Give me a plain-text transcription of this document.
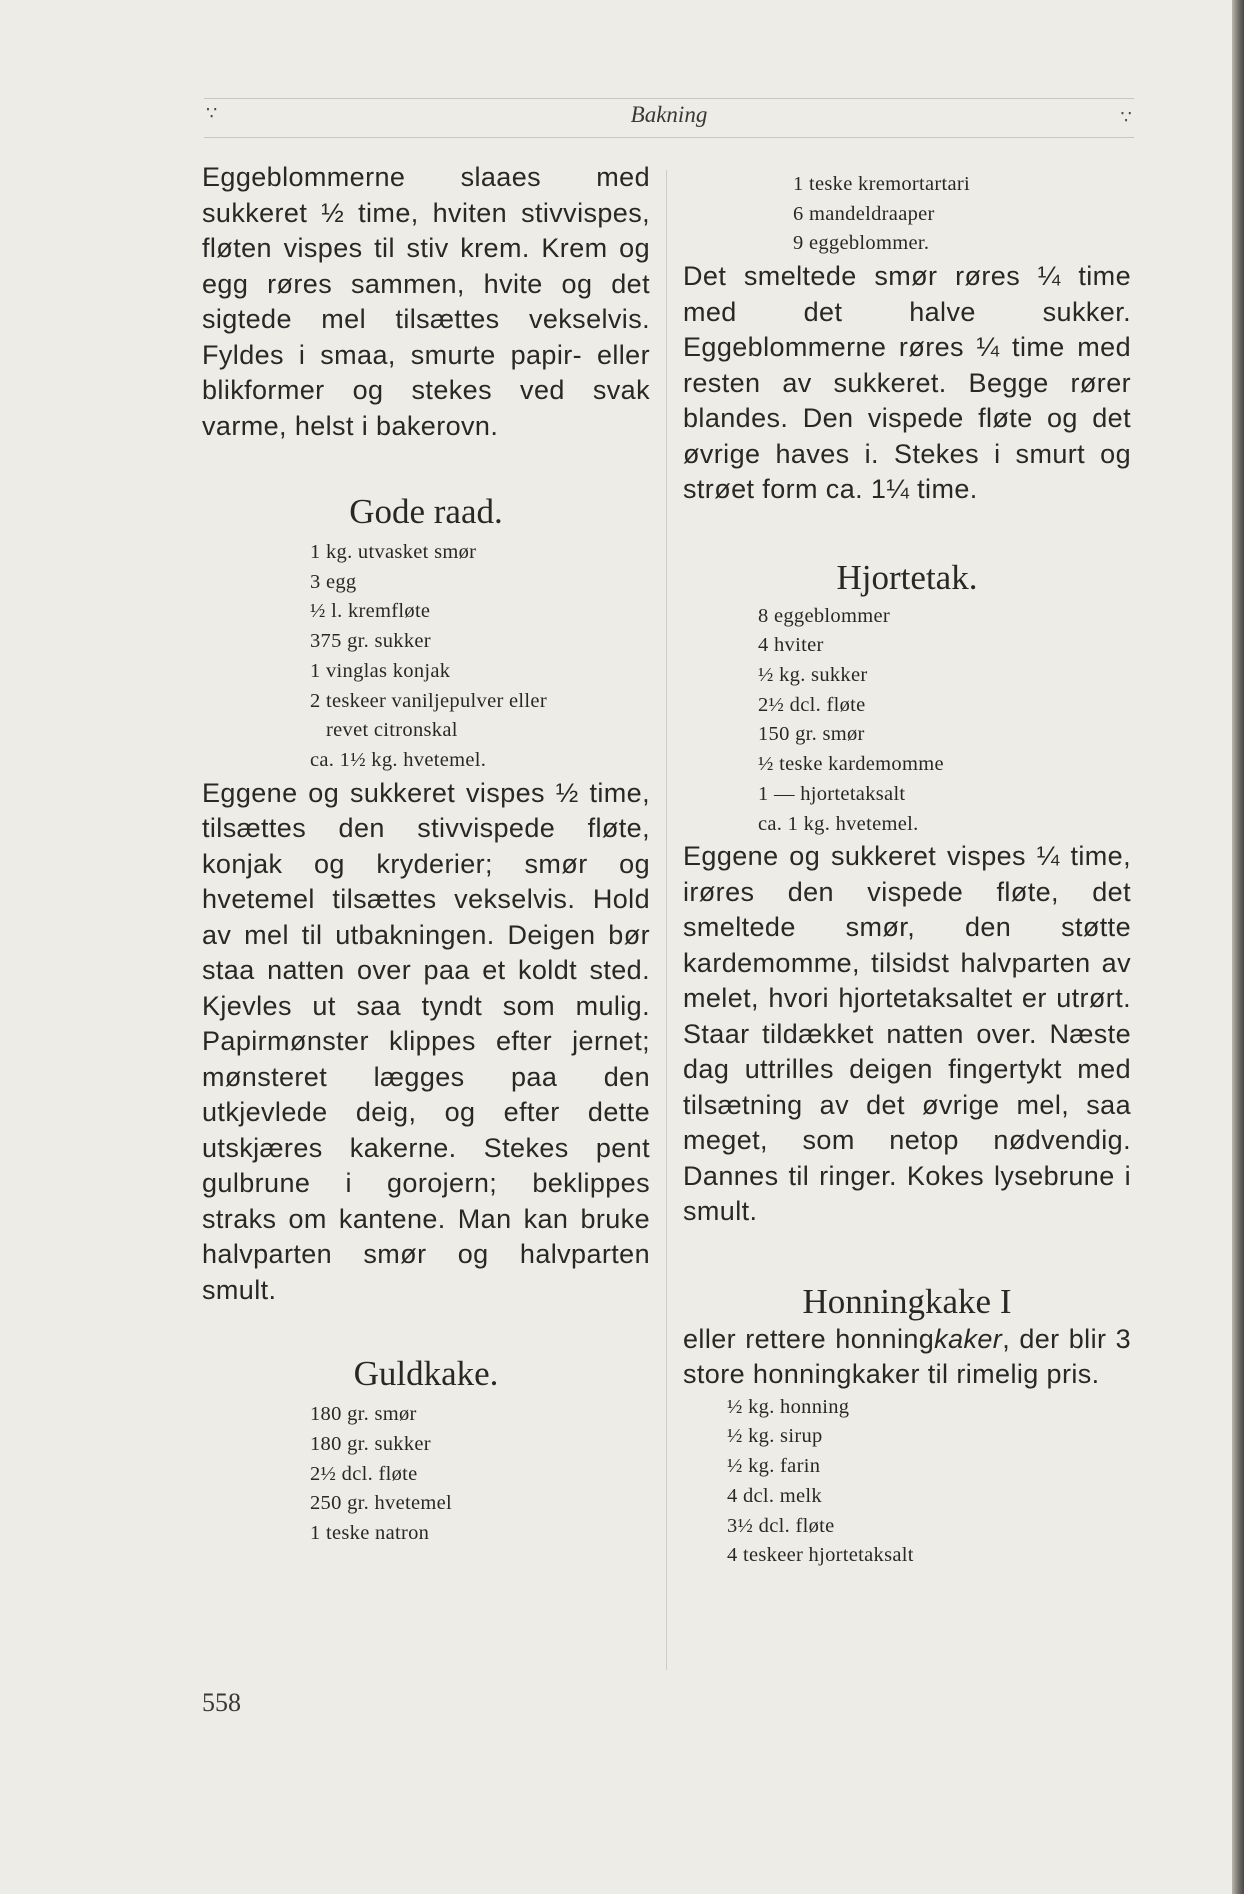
∵	Bakning	∵

Eggeblommerne slaaes med sukkeret ½ time, hviten stivvispes, fløten vispes til stiv krem. Krem og egg røres sammen, hvite og det sigtede mel tilsættes vekselvis. Fyldes i smaa, smurte papir- eller blikformer og stekes ved svak varme, helst i bakerovn.

Gode raad.
1 kg. utvasket smør
3 egg
½ l. kremfløte
375 gr. sukker
1 vinglas konjak
2 teskeer vaniljepulver eller
revet citronskal
ca. 1½ kg. hvetemel.

Eggene og sukkeret vispes ½ time, tilsættes den stivvispede fløte, konjak og kryderier; smør og hvetemel tilsættes vekselvis. Hold av mel til utbakningen. Deigen bør staa natten over paa et koldt sted. Kjevles ut saa tyndt som mulig. Papirmønster klippes efter jernet; mønsteret lægges paa den utkjevlede deig, og efter dette utskjæres kakerne. Stekes pent gulbrune i gorojern; beklippes straks om kantene. Man kan bruke halvparten smør og halvparten smult.

Guldkake.
180 gr. smør
180 gr. sukker
2½ dcl. fløte
250 gr. hvetemel
1 teske natron
1 teske kremortartari
6 mandeldraaper
9 eggeblommer.

Det smeltede smør røres ¼ time med det halve sukker. Eggeblommerne røres ¼ time med resten av sukkeret. Begge rører blandes. Den vispede fløte og det øvrige haves i. Stekes i smurt og strøet form ca. 1¼ time.

Hjortetak.
8 eggeblommer
4 hviter
½ kg. sukker
2½ dcl. fløte
150 gr. smør
½ teske kardemomme
1 — hjortetaksalt
ca. 1 kg. hvetemel.

Eggene og sukkeret vispes ¼ time, irøres den vispede fløte, det smeltede smør, den støtte kardemomme, tilsidst halvparten av melet, hvori hjortetaksaltet er utrørt. Staar tildækket natten over. Næste dag uttrilles deigen fingertykt med tilsætning av det øvrige mel, saa meget, som netop nødvendig. Dannes til ringer. Kokes lysebrune i smult.

Honningkake I

eller rettere honningkaker, der blir 3 store honningkaker til rimelig pris.

½ kg. honning
½ kg. sirup
½ kg. farin
4 dcl. melk
3½ dcl. fløte
4 teskeer hjortetaksalt
558
